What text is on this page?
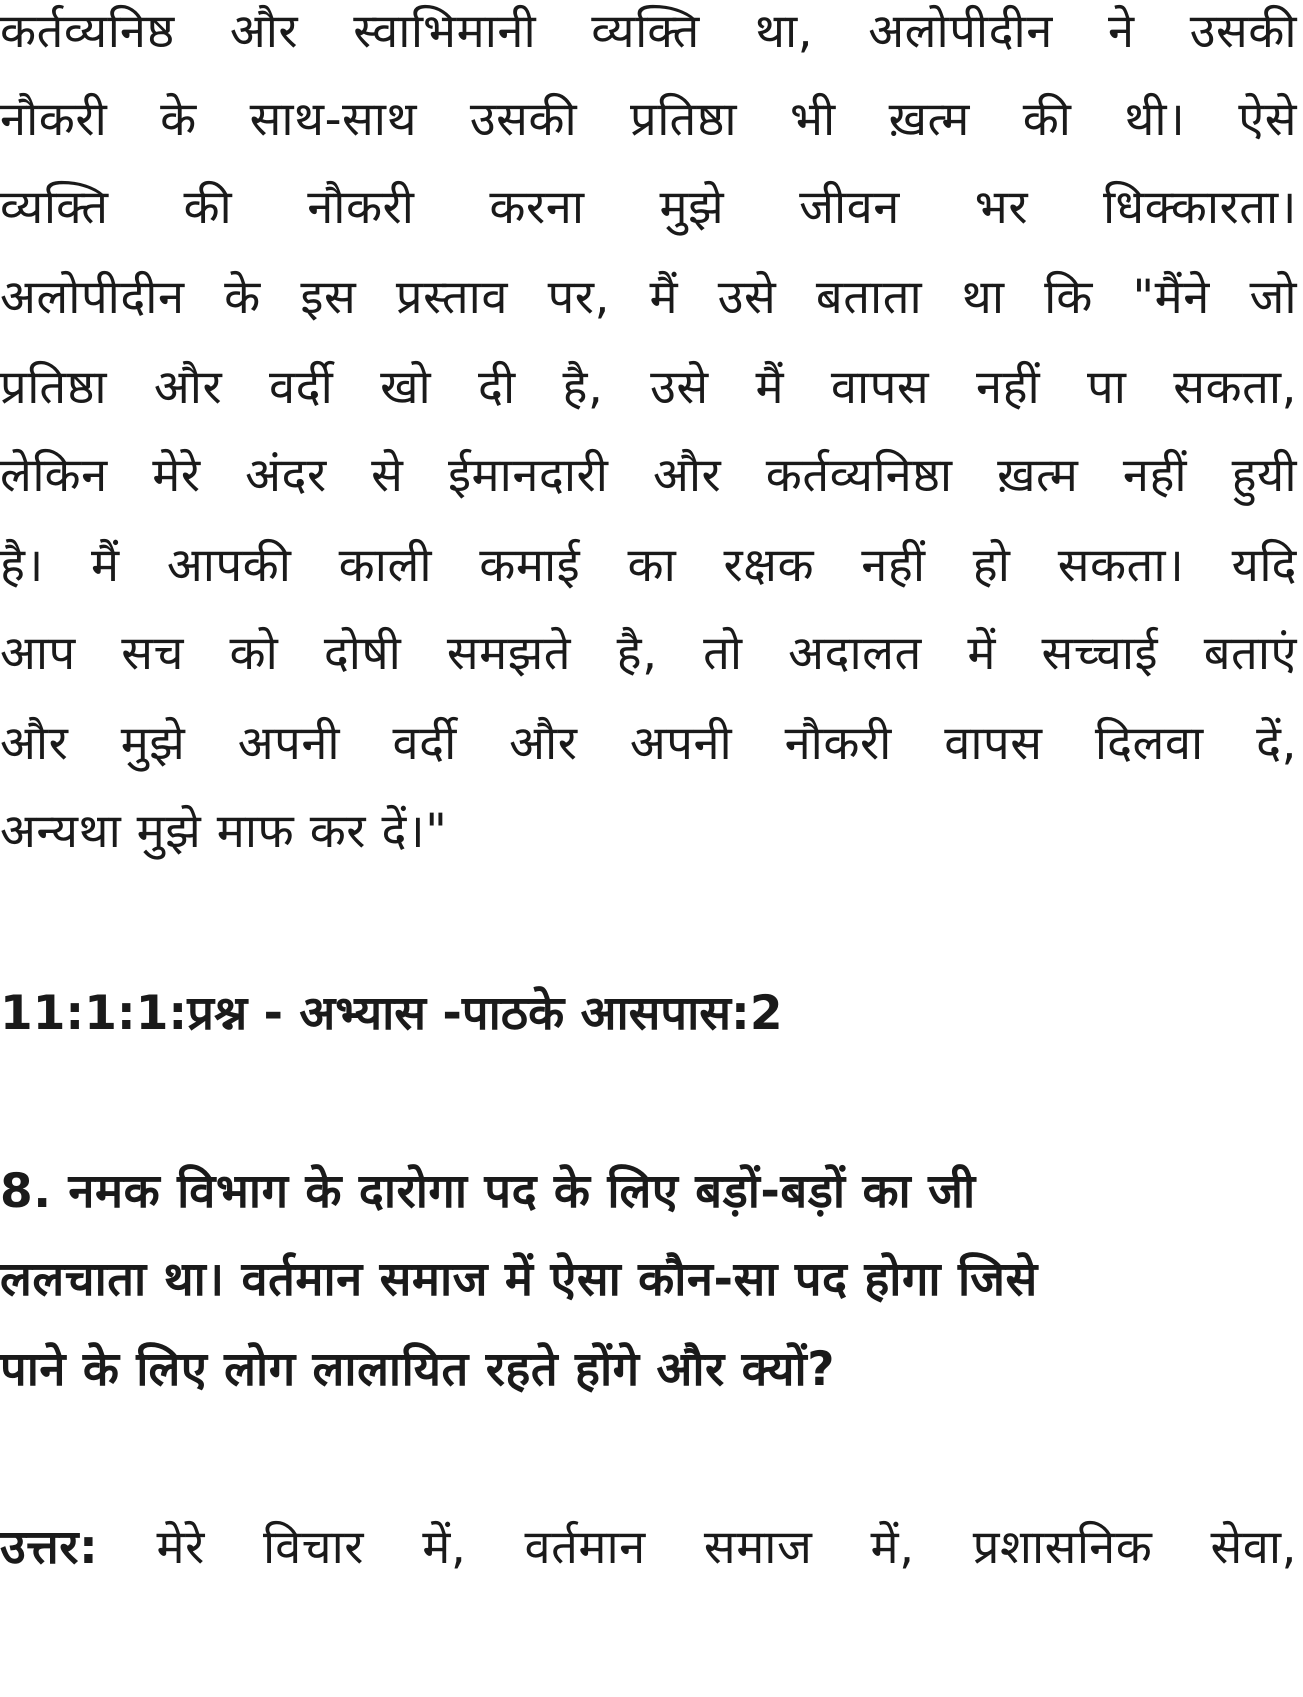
कर्तव्यनिष्ठ और स्वाभिमानी व्यक्ति था, अलोपीदीन ने उसकी
नौकरी के साथ-साथ उसकी प्रतिष्ठा भी ख़त्म की थी। ऐसे
व्यक्ति की नौकरी करना मुझे जीवन भर धिक्कारता।
अलोपीदीन के इस प्रस्ताव पर, मैं उसे बताता था कि "मैंने जो
प्रतिष्ठा और वर्दी खो दी है, उसे मैं वापस नहीं पा सकता,
लेकिन मेरे अंदर से ईमानदारी और कर्तव्यनिष्ठा ख़त्म नहीं हुयी
है। मैं आपकी काली कमाई का रक्षक नहीं हो सकता। यदि
आप सच को दोषी समझते है, तो अदालत में सच्चाई बताएं
और मुझे अपनी वर्दी और अपनी नौकरी वापस दिलवा दें,
अन्यथा मुझे माफ कर दें।"
11:1:1:प्रश्न - अभ्यास -पाठके आसपास:2
8. नमक विभाग के दारोगा पद के लिए बड़ों-बड़ों का जी
ललचाता था। वर्तमान समाज में ऐसा कौन-सा पद होगा जिसे
पाने के लिए लोग लालायित रहते होंगे और क्यों?
उत्तर: मेरे विचार में, वर्तमान समाज में, प्रशासनिक सेवा,
